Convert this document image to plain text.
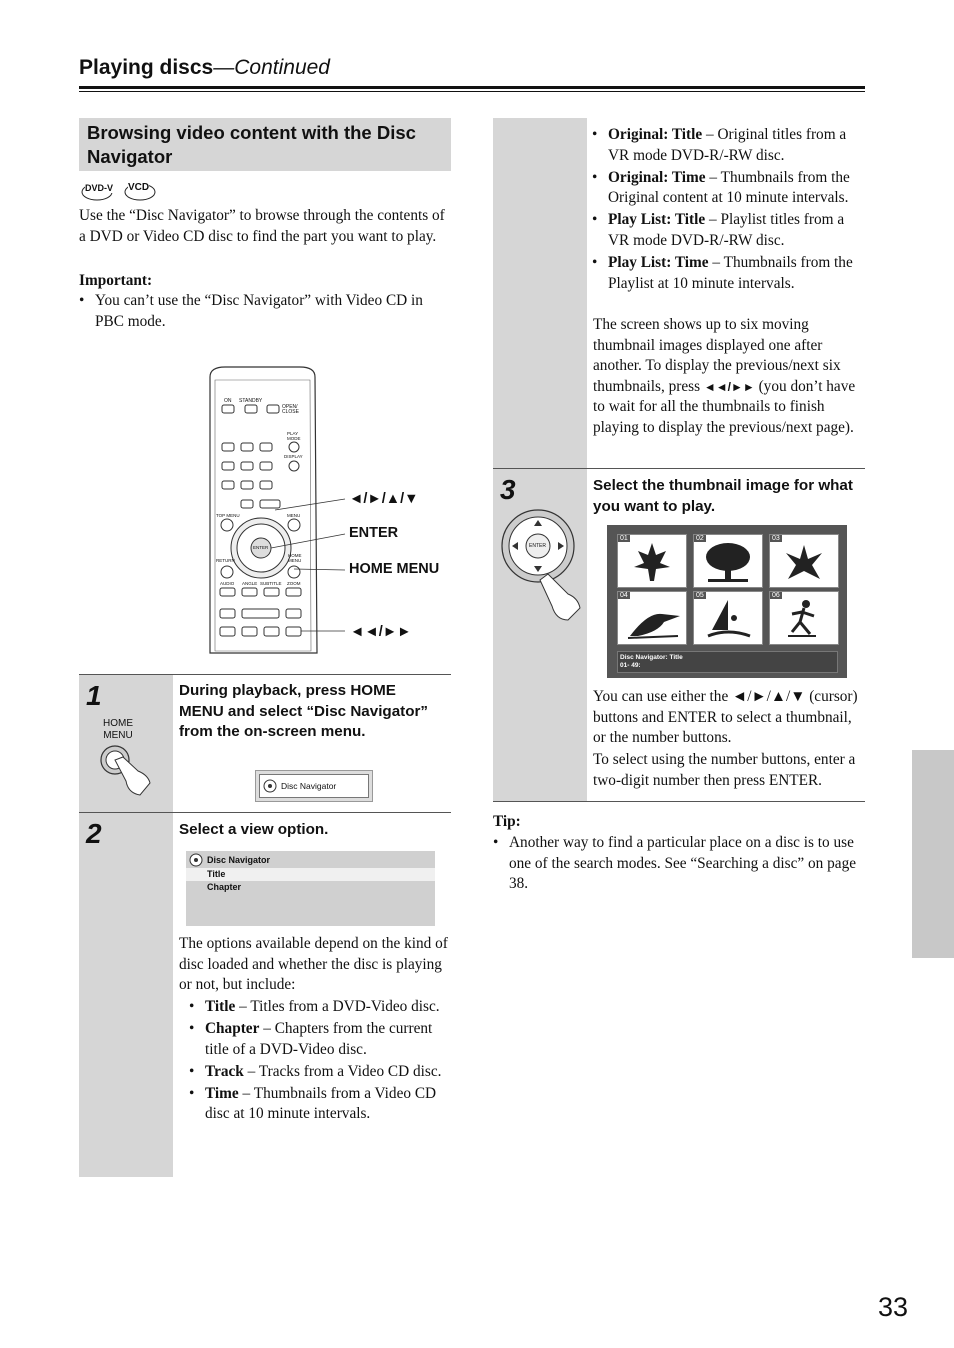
Playing discs—Continued
Browsing video content with the Disc Navigator
DVD-V VCD
Use the “Disc Navigator” to browse through the contents of a DVD or Video CD disc to find the part you want to play.
Important:
• You can’t use the “Disc Navigator” with Video CD in PBC mode.
ON STANDBY
OPEN/ CLOSE
PLAY MODE
DISPLAY
TOP MENU	MENU
ENTER
RETURN
HOME MENU
AUDIO ANGLE SUBTITLE ZOOM
◄/►/▲/▼
ENTER
HOME MENU
◄◄/►►
1
HOME MENU
During playback, press HOME MENU and select “Disc Navigator” from the on-screen menu.
Disc Navigator
2	Select a view option.
Disc Navigator
Title
Chapter
The options available depend on the kind of disc loaded and whether the disc is playing or not, but include:
• Title – Titles from a DVD-Video disc.
• Chapter – Chapters from the current title of a DVD-Video disc.
• Track – Tracks from a Video CD disc.
• Time – Thumbnails from a Video CD disc at 10 minute intervals.
• Original: Title – Original titles from a VR mode DVD-R/-RW disc.
• Original: Time – Thumbnails from the Original content at 10 minute intervals.
• Play List: Title – Playlist titles from a VR mode DVD-R/-RW disc.
• Play List: Time – Thumbnails from the Playlist at 10 minute intervals.
The screen shows up to six moving thumbnail images displayed one after another. To display the previous/next six thumbnails, press ◄◄/►► (you don’t have to wait for all the thumbnails to finish playing to display the previous/next page).
3
ENTER
Select the thumbnail image for what you want to play.
01	02	03
04	05	06
Disc Navigator: Title
01- 49:
You can use either the ◄/►/▲/▼ (cursor) buttons and ENTER to select a thumbnail, or the number buttons.
To select using the number buttons, enter a two-digit number then press ENTER.
Tip:
• Another way to find a particular place on a disc is to use one of the search modes. See “Searching a disc” on page 38.
33
